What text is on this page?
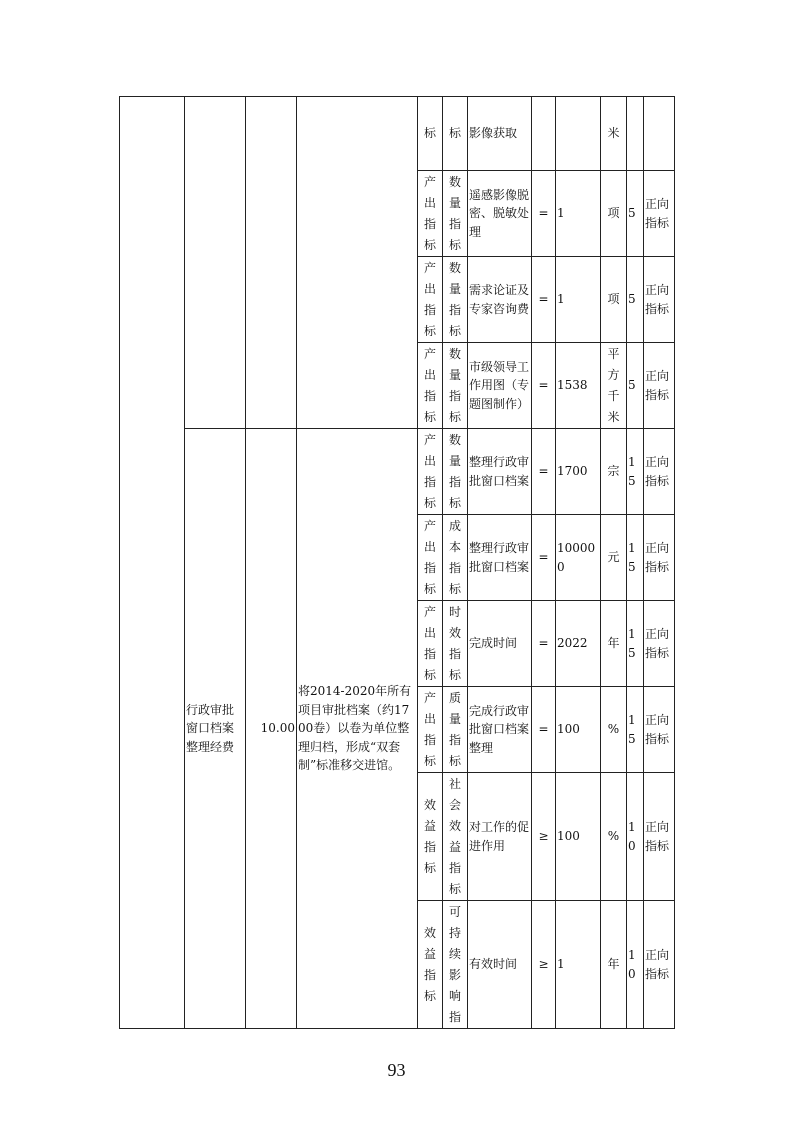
				标	标	影像获取			米		
				产出指标	数量指标	遥感影像脱密、脱敏处理	=	1	项	5	正向指标
				产出指标	数量指标	需求论证及专家咨询费	=	1	项	5	正向指标
				产出指标	数量指标	市级领导工作用图（专题图制作）	=	1538	平方千米	5	正向指标
	行政审批窗口档案整理经费	10.00	将2014-2020年所有项目审批档案（约1700卷）以卷为单位整理归档，形成“双套制”标准移交进馆。	产出指标	数量指标	整理行政审批窗口档案	=	1700	宗	15	正向指标
				产出指标	成本指标	整理行政审批窗口档案	=	100000	元	15	正向指标
				产出指标	时效指标	完成时间	=	2022	年	15	正向指标
				产出指标	质量指标	完成行政审批窗口档案整理	=	100	%	15	正向指标
				效益指标	社会效益指标	对工作的促进作用	≥	100	%	10	正向指标
				效益指标	可持续影响指	有效时间	≥	1	年	10	正向指标
93
